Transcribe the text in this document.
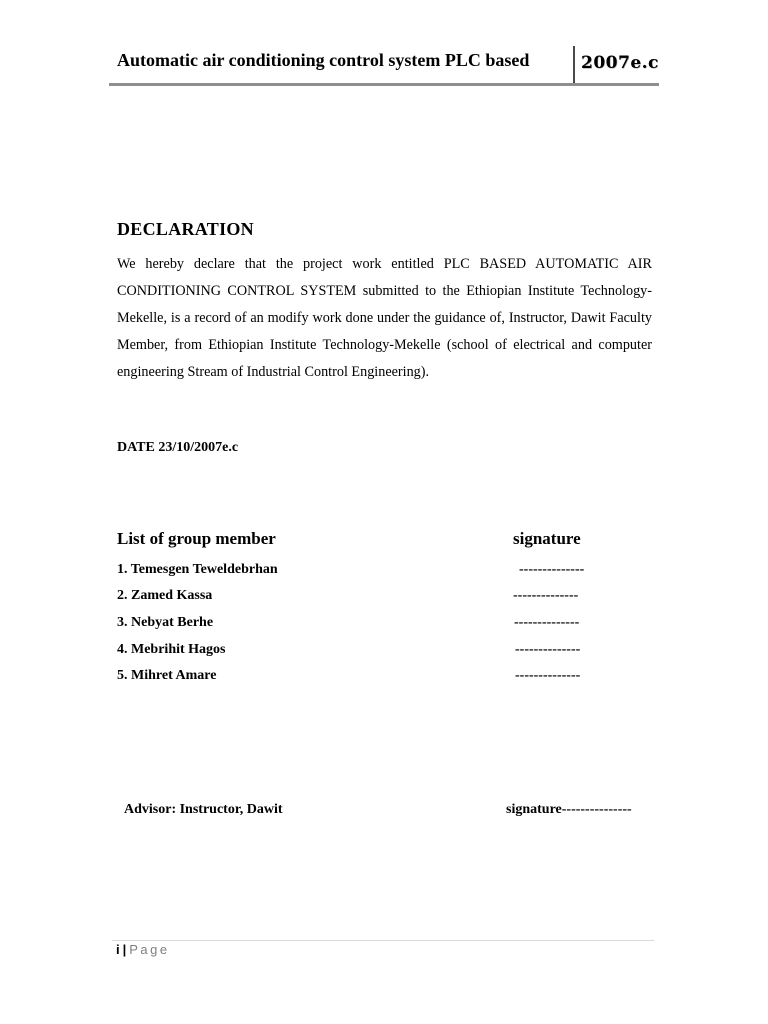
Automatic air conditioning control system PLC based	2007e.c
DECLARATION
We hereby declare that the project work entitled PLC BASED AUTOMATIC AIR CONDITIONING CONTROL SYSTEM submitted to the Ethiopian Institute Technology-Mekelle, is a record of an modify work done under the guidance of, Instructor, Dawit Faculty Member, from Ethiopian Institute Technology-Mekelle (school of electrical and computer engineering Stream of Industrial Control Engineering).
DATE 23/10/2007e.c
List of group member	signature
1. Temesgen Teweldebrhan	--------------
2. Zamed Kassa	--------------
3. Nebyat Berhe	--------------
4. Mebrihit Hagos	--------------
5. Mihret Amare	--------------
Advisor: Instructor, Dawit	signature---------------
i | Page
